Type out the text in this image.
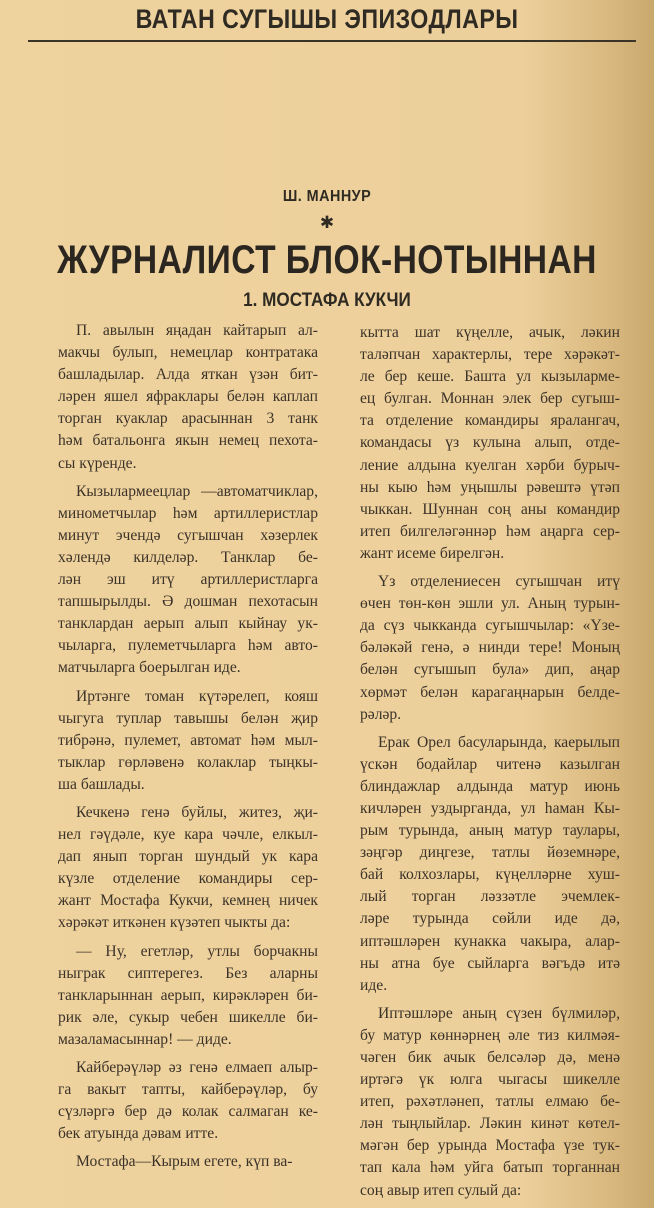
ВАТАН СУГЫШЫ ЭПИЗОДЛАРЫ
Ш. МАННУР
✱
ЖУРНАЛИСТ БЛОК-НОТЫННАН
1. МОСТАФА КУКЧИ
П. авылын яңадан кайтарып ал-
макчы булып, немецлар контратака
башладылар. Алда яткан үзән бит-
ләрен яшел яфраклары белән каплап
торган куаклар арасыннан 3 танк
һәм батальонга якын немец пехота-
сы күренде.
Кызыларм​еецлар —автоматчиклар,
минометчылар һәм артиллеристлар
минут эчендә сугышчан хәзерлек
хәлендә килделәр. Танклар бе-
лән эш итү артиллеристларга
тапшырылды. Ә дошман пехотасын
танклардан аерып алып кыйнау ук-
чыларга, пулеметчыларга һәм авто-
матчыларга боерылган иде.
Иртәнге томан күтәрелеп, кояш
чыгуга туплар тавышы белән җир
тибрәнә, пулемет, автомат һәм мыл-
тыклар гөрләвенә колаклар тыңкы-
ша башлады.
Кечкенә генә буйлы, житез, җи-
нел гәүдәле, куе кара чәчле, елкыл-
дап янып торган шундый ук кара
күзле отделение командиры сер-
жант Мостафа Кукчи, кемнең ничек
хәрәкәт иткәнен күзәтеп чыкты да:
— Ну, егетләр, утлы борчакны
ныграк сиптерегез. Без аларны
танкларыннан аерып, кирәкләрен би-
рик әле, сукыр чебен шикелле би-
мазаламасыннар! — диде.
Кайберәүләр әз генә елмаеп алыр-
га вакыт тапты, кайберәүләр, бу
сүзләргә бер дә колак салмаган ке-
бек атуында дәвам итте.
Мостафа—Кырым егете, күп ва-
кытта шат күңелле, ачык, ләкин
таләпчан характерлы, тере хәрәкәт-
ле бер кеше. Башта ул кызыларме-
ец булган. Моннан элек бер сугыш-
та отделение командиры яралангач,
командасы үз кулына алып, отде-
ление алдына куелган хәрби бурыч-
ны кыю һәм уңышлы рәвештә үтәп
чыккан. Шуннан соң аны командир
итеп билгеләгәннәр һәм аңарга сер-
жант исеме бирелгән.
Үз отделениесен сугышчан итү
өчен төн-көн эшли ул. Аның турын-
да сүз чыкканда сугышчылар: «Үзе-
бәләкәй генә, ә нинди тере! Моның
белән сугышып була» дип, аңар
хөрмәт белән карагаңнарын белде-
рәләр.
Ерак Орел басуларында, каерылып
үскән бодайлар читенә казылган
блиндажлар алдында матур июнь
кичләрен уздырганда, ул һаман Кы-
рым турында, аның матур таулары,
зәңгәр диңгезе, татлы йөземнәре,
бай колхозлары, күңелләрне хуш-
лый торган ләззәтле эчемлек-
ләре турында сөйли иде дә,
иптәшләрен кунакка чакыра, алар-
ны атна буе сыйларга вәгъдә итә
иде.
Иптәшләре аның сүзен бүлмиләр,
бу матур көннәрнең әле тиз килмәя-
чәген бик ачык белсәләр дә, менә
иртәгә үк юлга чыгасы шикелле
итеп, рәхәтләнеп, татлы елмаю бе-
лән тыңлыйлар. Ләкин кинәт көтел-
мәгән бер урында Мостафа үзе тук-
тап кала һәм уйга батып торганнан
соң авыр итеп сулый да:
